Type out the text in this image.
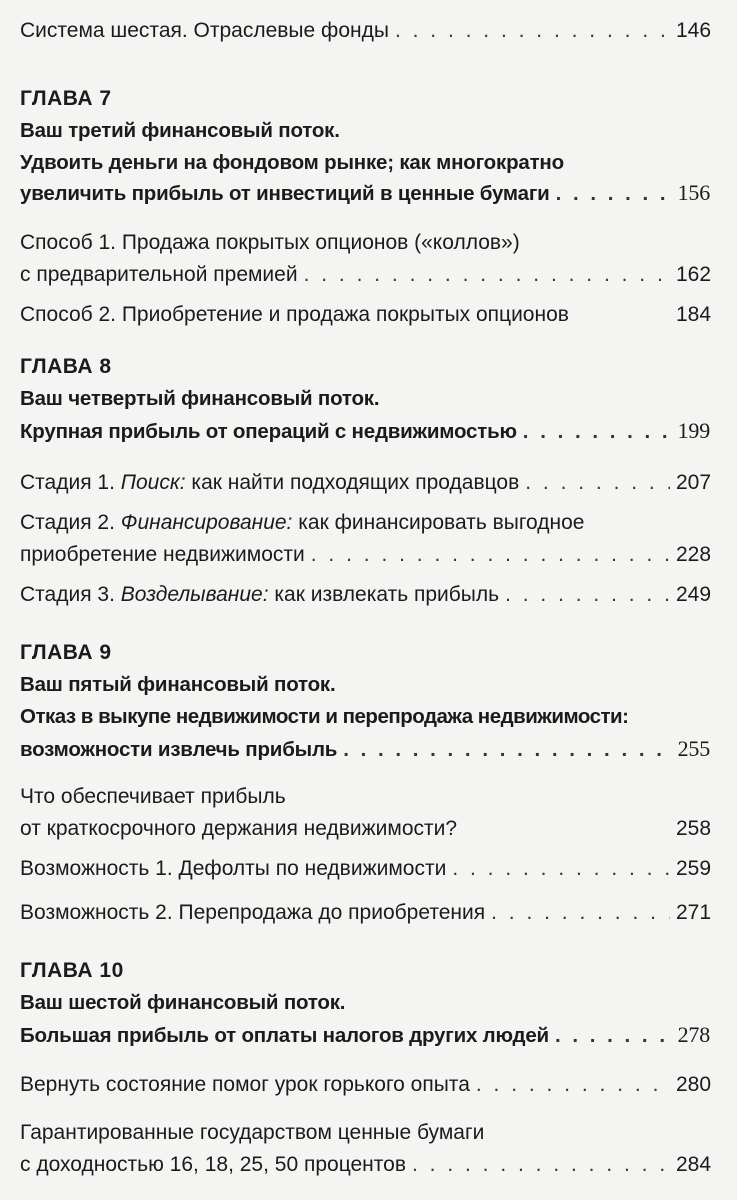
Система шестая. Отраслевые фонды . . .	146
ГЛАВА 7
Ваш третий финансовый поток.
Удвоить деньги на фондовом рынке; как многократно
увеличить прибыль от инвестиций в ценные бумаги . . .	156
Способ 1. Продажа покрытых опционов («коллов»)
с предварительной премией . . .	162
Способ 2. Приобретение и продажа покрытых опционов	184
ГЛАВА 8
Ваш четвертый финансовый поток.
Крупная прибыль от операций с недвижимостью . . .	199
Стадия 1. Поиск: как найти подходящих продавцов . . .	207
Стадия 2. Финансирование: как финансировать выгодное
приобретение недвижимости . . .	228
Стадия 3. Возделывание: как извлекать прибыль . . .	249
ГЛАВА 9
Ваш пятый финансовый поток.
Отказ в выкупе недвижимости и перепродажа недвижимости:
возможности извлечь прибыль . . .	255
Что обеспечивает прибыль
от краткосрочного держания недвижимости?	258
Возможность 1. Дефолты по недвижимости . . .	259
Возможность 2. Перепродажа до приобретения . . .	271
ГЛАВА 10
Ваш шестой финансовый поток.
Большая прибыль от оплаты налогов других людей . . .	278
Вернуть состояние помог урок горького опыта . . .	280
Гарантированные государством ценные бумаги
с доходностью 16, 18, 25, 50 процентов . . .	284
